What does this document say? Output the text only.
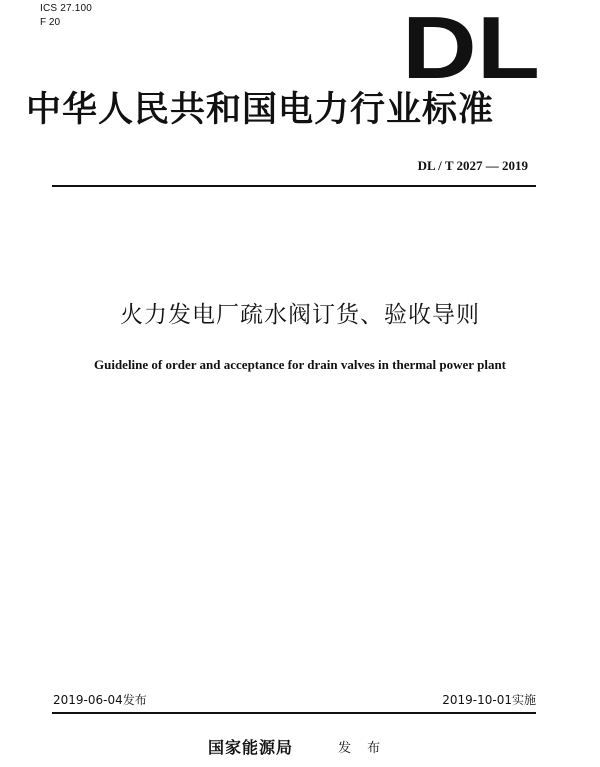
ICS 27.100
F 20	DL
中华人民共和国电力行业标准
DL / T 2027 — 2019
火力发电厂疏水阀订货、验收导则
Guideline of order and acceptance for drain valves in thermal power plant
2019-06-04发布	2019-10-01实施
国家能源局	发 布
